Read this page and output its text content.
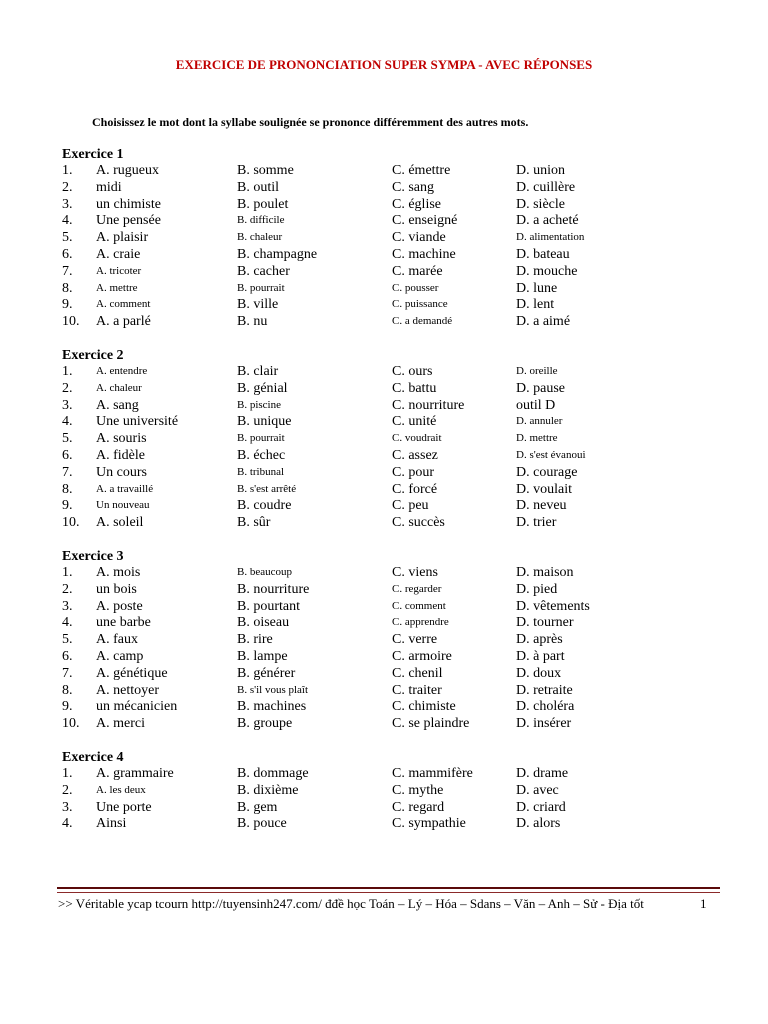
EXERCICE DE PRONONCIATION SUPER SYMPA - AVEC RÉPONSES
Choisissez le mot dont la syllabe soulignée se prononce différemment des autres mots.
Exercice 1
1. A. rugueux	B. somme	C. émettre	D. union
2. midi	B. outil	C. sang	D. cuillère
3. un chimiste	B. poulet	C. église	D. siècle
4. Une pensée	B. difficile	C. enseigné	D. a acheté
5. A. plaisir	B. chaleur	C. viande	D. alimentation
6. A. craie	B. champagne	C. machine	D. bateau
7. A. tricoter	B. cacher	C. marée	D. mouche
8. A. mettre	B. pourrait	C. pousser	D. lune
9. A. comment	B. ville	C. puissance	D. lent
10. A. a parlé	B. nu	C. a demandé	D. a aimé
Exercice 2
1. A. entendre	B. clair	C. ours	D. oreille
2. A. chaleur	B. génial	C. battu	D. pause
3. A. sang	B. piscine	C. nourriture	outil D
4. Une université	B. unique	C. unité	D. annuler
5. A. souris	B. pourrait	C. voudrait	D. mettre
6. A. fidèle	B. échec	C. assez	D. s'est évanoui
7. Un cours	B. tribunal	C. pour	D. courage
8. A. a travaillé	B. s'est arrêté	C. forcé	D. voulait
9. Un nouveau	B. coudre	C. peu	D. neveu
10. A. soleil	B. sûr	C. succès	D. trier
Exercice 3
1. A. mois	B. beaucoup	C. viens	D. maison
2. un bois	B. nourriture	C. regarder	D. pied
3. A. poste	B. pourtant	C. comment	D. vêtements
4. une barbe	B. oiseau	C. apprendre	D. tourner
5. A. faux	B. rire	C. verre	D. après
6. A. camp	B. lampe	C. armoire	D. à part
7. A. génétique	B. générer	C. chenil	D. doux
8. A. nettoyer	B. s'il vous plaît	C. traiter	D. retraite
9. un mécanicien	B. machines	C. chimiste	D. choléra
10. A. merci	B. groupe	C. se plaindre	D. insérer
Exercice 4
1. A. grammaire	B. dommage	C. mammifère	D. drame
2. A. les deux	B. dixième	C. mythe	D. avec
3. Une porte	B. gem	C. regard	D. criard
4. Ainsi	B. pouce	C. sympathie	D. alors
>> Véritable ycap tcourn http://tuyensinh247.com/ đđề học Toán – Lý – Hóa – Sdans – Văn – Anh – Sử - Địa tốt	1
